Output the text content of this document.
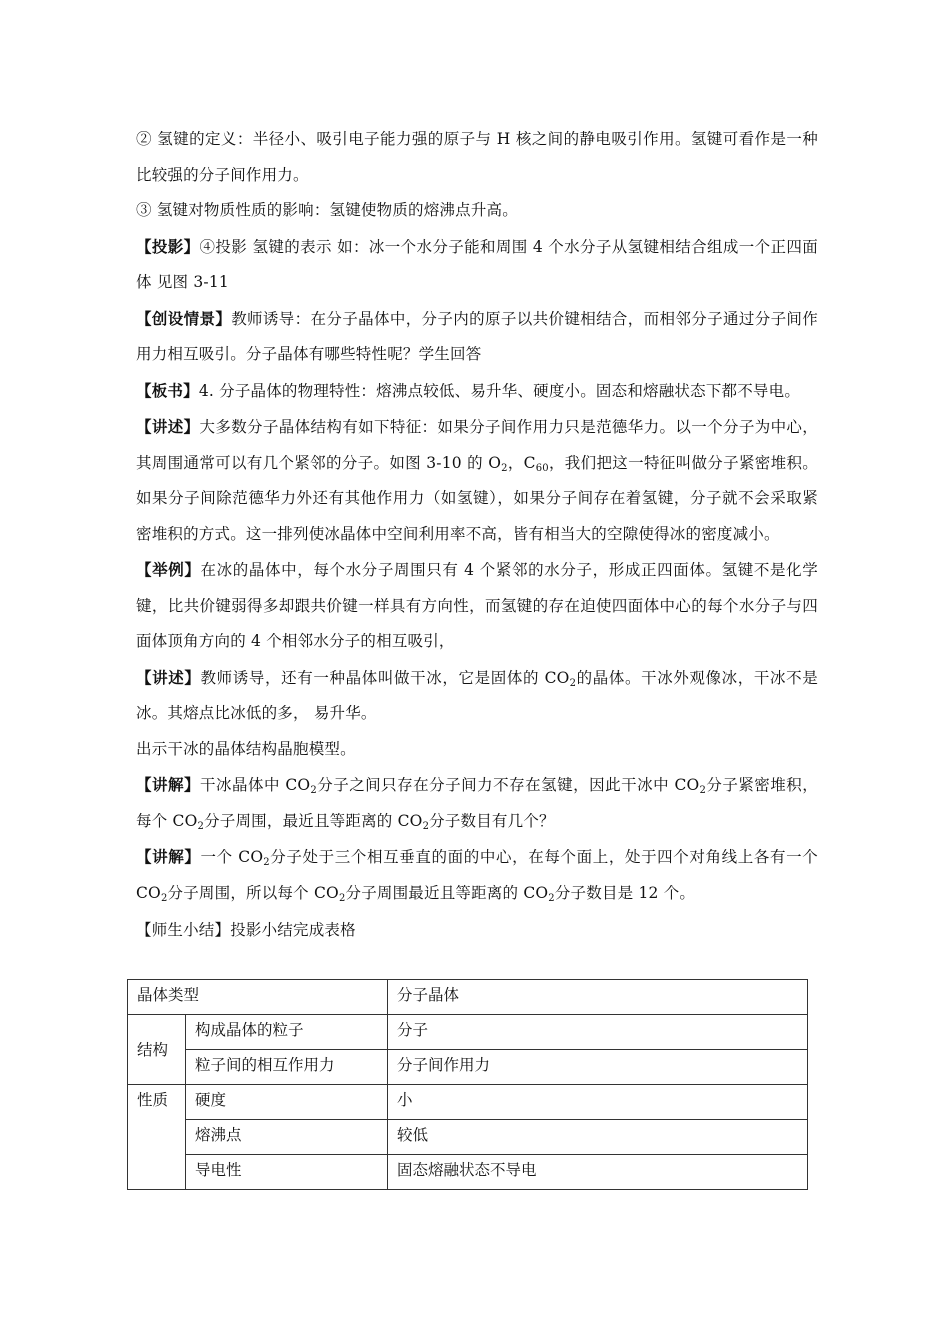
② 氢键的定义：半径小、吸引电子能力强的原子与 H 核之间的静电吸引作用。氢键可看作是一种比较强的分子间作用力。

③ 氢键对物质性质的影响：氢键使物质的熔沸点升高。

【投影】④投影 氢键的表示 如：冰一个水分子能和周围 4 个水分子从氢键相结合组成一个正四面体 见图 3-11

【创设情景】教师诱导：在分子晶体中，分子内的原子以共价键相结合，而相邻分子通过分子间作用力相互吸引。分子晶体有哪些特性呢？学生回答

【板书】4. 分子晶体的物理特性：熔沸点较低、易升华、硬度小。固态和熔融状态下都不导电。

【讲述】大多数分子晶体结构有如下特征：如果分子间作用力只是范德华力。以一个分子为中心，其周围通常可以有几个紧邻的分子。如图 3-10 的 $O_2$，$C_{60}$，我们把这一特征叫做分子紧密堆积。如果分子间除范德华力外还有其他作用力（如氢键），如果分子间存在着氢键，分子就不会采取紧密堆积的方式。这一排列使冰晶体中空间利用率不高，皆有相当大的空隙使得冰的密度减小。

【举例】在冰的晶体中，每个水分子周围只有 4 个紧邻的水分子，形成正四面体。氢键不是化学键，比共价键弱得多却跟共价键一样具有方向性，而氢键的存在迫使四面体中心的每个水分子与四面体顶角方向的 4 个相邻水分子的相互吸引，

【讲述】教师诱导，还有一种晶体叫做干冰，它是固体的 $CO_2$的晶体。干冰外观像冰，干冰不是冰。其熔点比冰低的多， 易升华。

出示干冰的晶体结构晶胞模型。

【讲解】干冰晶体中 $CO_2$分子之间只存在分子间力不存在氢键，因此干冰中 $CO_2$分子紧密堆积，每个 $CO_2$分子周围，最近且等距离的 $CO_2$分子数目有几个？

【讲解】一个 $CO_2$分子处于三个相互垂直的面的中心，在每个面上，处于四个对角线上各有一个 $CO_2$分子周围，所以每个 $CO_2$分子周围最近且等距离的 $CO_2$分子数目是 12 个。

【师生小结】投影小结完成表格

晶体类型		分子晶体
结构	构成晶体的粒子	分子
	粒子间的相互作用力	分子间作用力
性质	硬度	小
	熔沸点	较低
	导电性	固态熔融状态不导电
